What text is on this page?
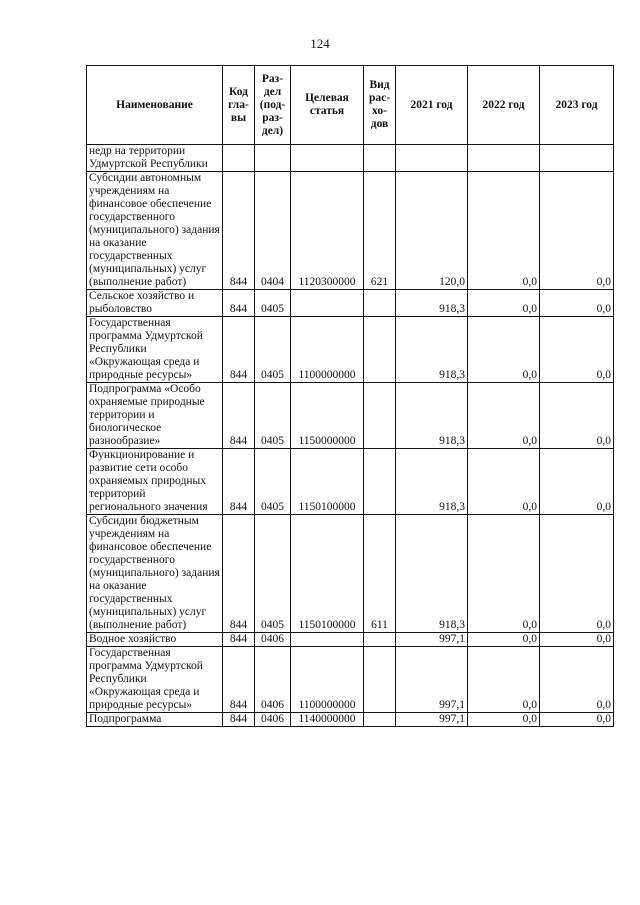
124
Наименование	Код гла- вы	Раз- дел (под- раз- дел)	Целевая статья	Вид рас- хо- дов	2021 год	2022 год	2023 год
недр на территории Удмуртской Республики							
Субсидии автономным учреждениям на финансовое обеспечение государственного (муниципального) задания на оказание государственных (муниципальных) услуг (выполнение работ)	844	0404	1120300000	621	120,0	0,0	0,0
Сельское хозяйство и рыболовство	844	0405			918,3	0,0	0,0
Государственная программа Удмуртской Республики «Окружающая среда и природные ресурсы»	844	0405	1100000000		918,3	0,0	0,0
Подпрограмма «Особо охраняемые природные территории и биологическое разнообразие»	844	0405	1150000000		918,3	0,0	0,0
Функционирование и развитие сети особо охраняемых природных территорий регионального значения	844	0405	1150100000		918,3	0,0	0,0
Субсидии бюджетным учреждениям на финансовое обеспечение государственного (муниципального) задания на оказание государственных (муниципальных) услуг (выполнение работ)	844	0405	1150100000	611	918,3	0,0	0,0
Водное хозяйство	844	0406			997,1	0,0	0,0
Государственная программа Удмуртской Республики «Окружающая среда и природные ресурсы»	844	0406	1100000000		997,1	0,0	0,0
Подпрограмма	844	0406	1140000000		997,1	0,0	0,0
